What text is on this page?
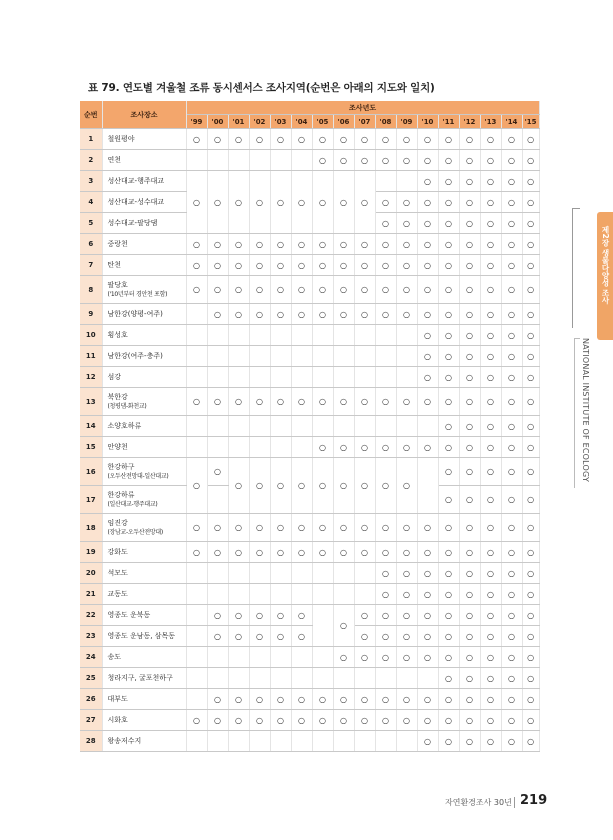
표 79. 연도별 겨울철 조류 동시센서스 조사지역(순번은 아래의 지도와 일치)
순번	조사장소	조사년도																
		'99	'00	'01	'02	'03	'04	'05	'06	'07	'08	'09	'10	'11	'12	'13	'14	'15
1	철원평야	○	○	○	○	○	○	○	○	○	○	○	○	○	○	○	○	○
2	연천							○	○	○	○	○	○	○	○	○	○	○
3	성산대교-행주대교	○	○	○	○	○	○	○	○	○			○	○	○	○	○	○
4	성산대교-성수대교										○	○	○	○	○	○	○	○
5	성수대교-팔당댐										○	○	○	○	○	○	○	○
6	중랑천	○	○	○	○	○	○	○	○	○	○	○	○	○	○	○	○	○
7	탄천	○	○	○	○	○	○	○	○	○	○	○	○	○	○	○	○	○
8	팔당호
('10년부터 경안천 포함)	○	○	○	○	○	○	○	○	○	○	○	○	○	○	○	○	○
9	남한강(양평-여주)		○	○	○	○	○	○	○	○	○	○	○	○	○	○	○	○
10	횡성호												○	○	○	○	○	○
11	남한강(여주-충주)												○	○	○	○	○	○
12	섬강												○	○	○	○	○	○
13	북한강
(청평댐-화천교)	○	○	○	○	○	○	○	○	○	○	○	○	○	○	○	○	○
14	소양호하류													○	○	○	○	○
15	안양천							○	○	○	○	○	○	○	○	○	○	○
16	한강하구
(오두산전망대-일산대교)	○	○	○	○	○	○	○	○	○	○	○		○	○	○	○	○
17	한강하류
(일산대교-행주대교)													○	○	○	○	○
18	임진강
(장남교-오두산전망대)	○	○	○	○	○	○	○	○	○	○	○	○	○	○	○	○	○
19	강화도	○	○	○	○	○	○	○	○	○	○	○	○	○	○	○	○	○
20	석모도										○	○	○	○	○	○	○	○
21	교동도										○	○	○	○	○	○	○	○
22	영종도 운북동		○	○	○	○	○		○	○	○	○	○	○	○	○	○	○
23	영종도 운남동, 삼목동		○	○	○	○	○			○	○	○	○	○	○	○	○	○
24	송도								○	○	○	○	○	○	○	○	○	○
25	청라지구, 굴포천하구													○	○	○	○	○
26	대부도		○	○	○	○	○	○	○	○	○	○	○	○	○	○	○	○
27	시화호	○	○	○	○	○	○	○	○	○	○	○	○	○	○	○	○	○
28	왕송저수지												○	○	○	○	○	○
제2장 생물다양성 조사
NATIONAL INSTITUTE OF ECOLOGY
자연환경조사 30년 219
